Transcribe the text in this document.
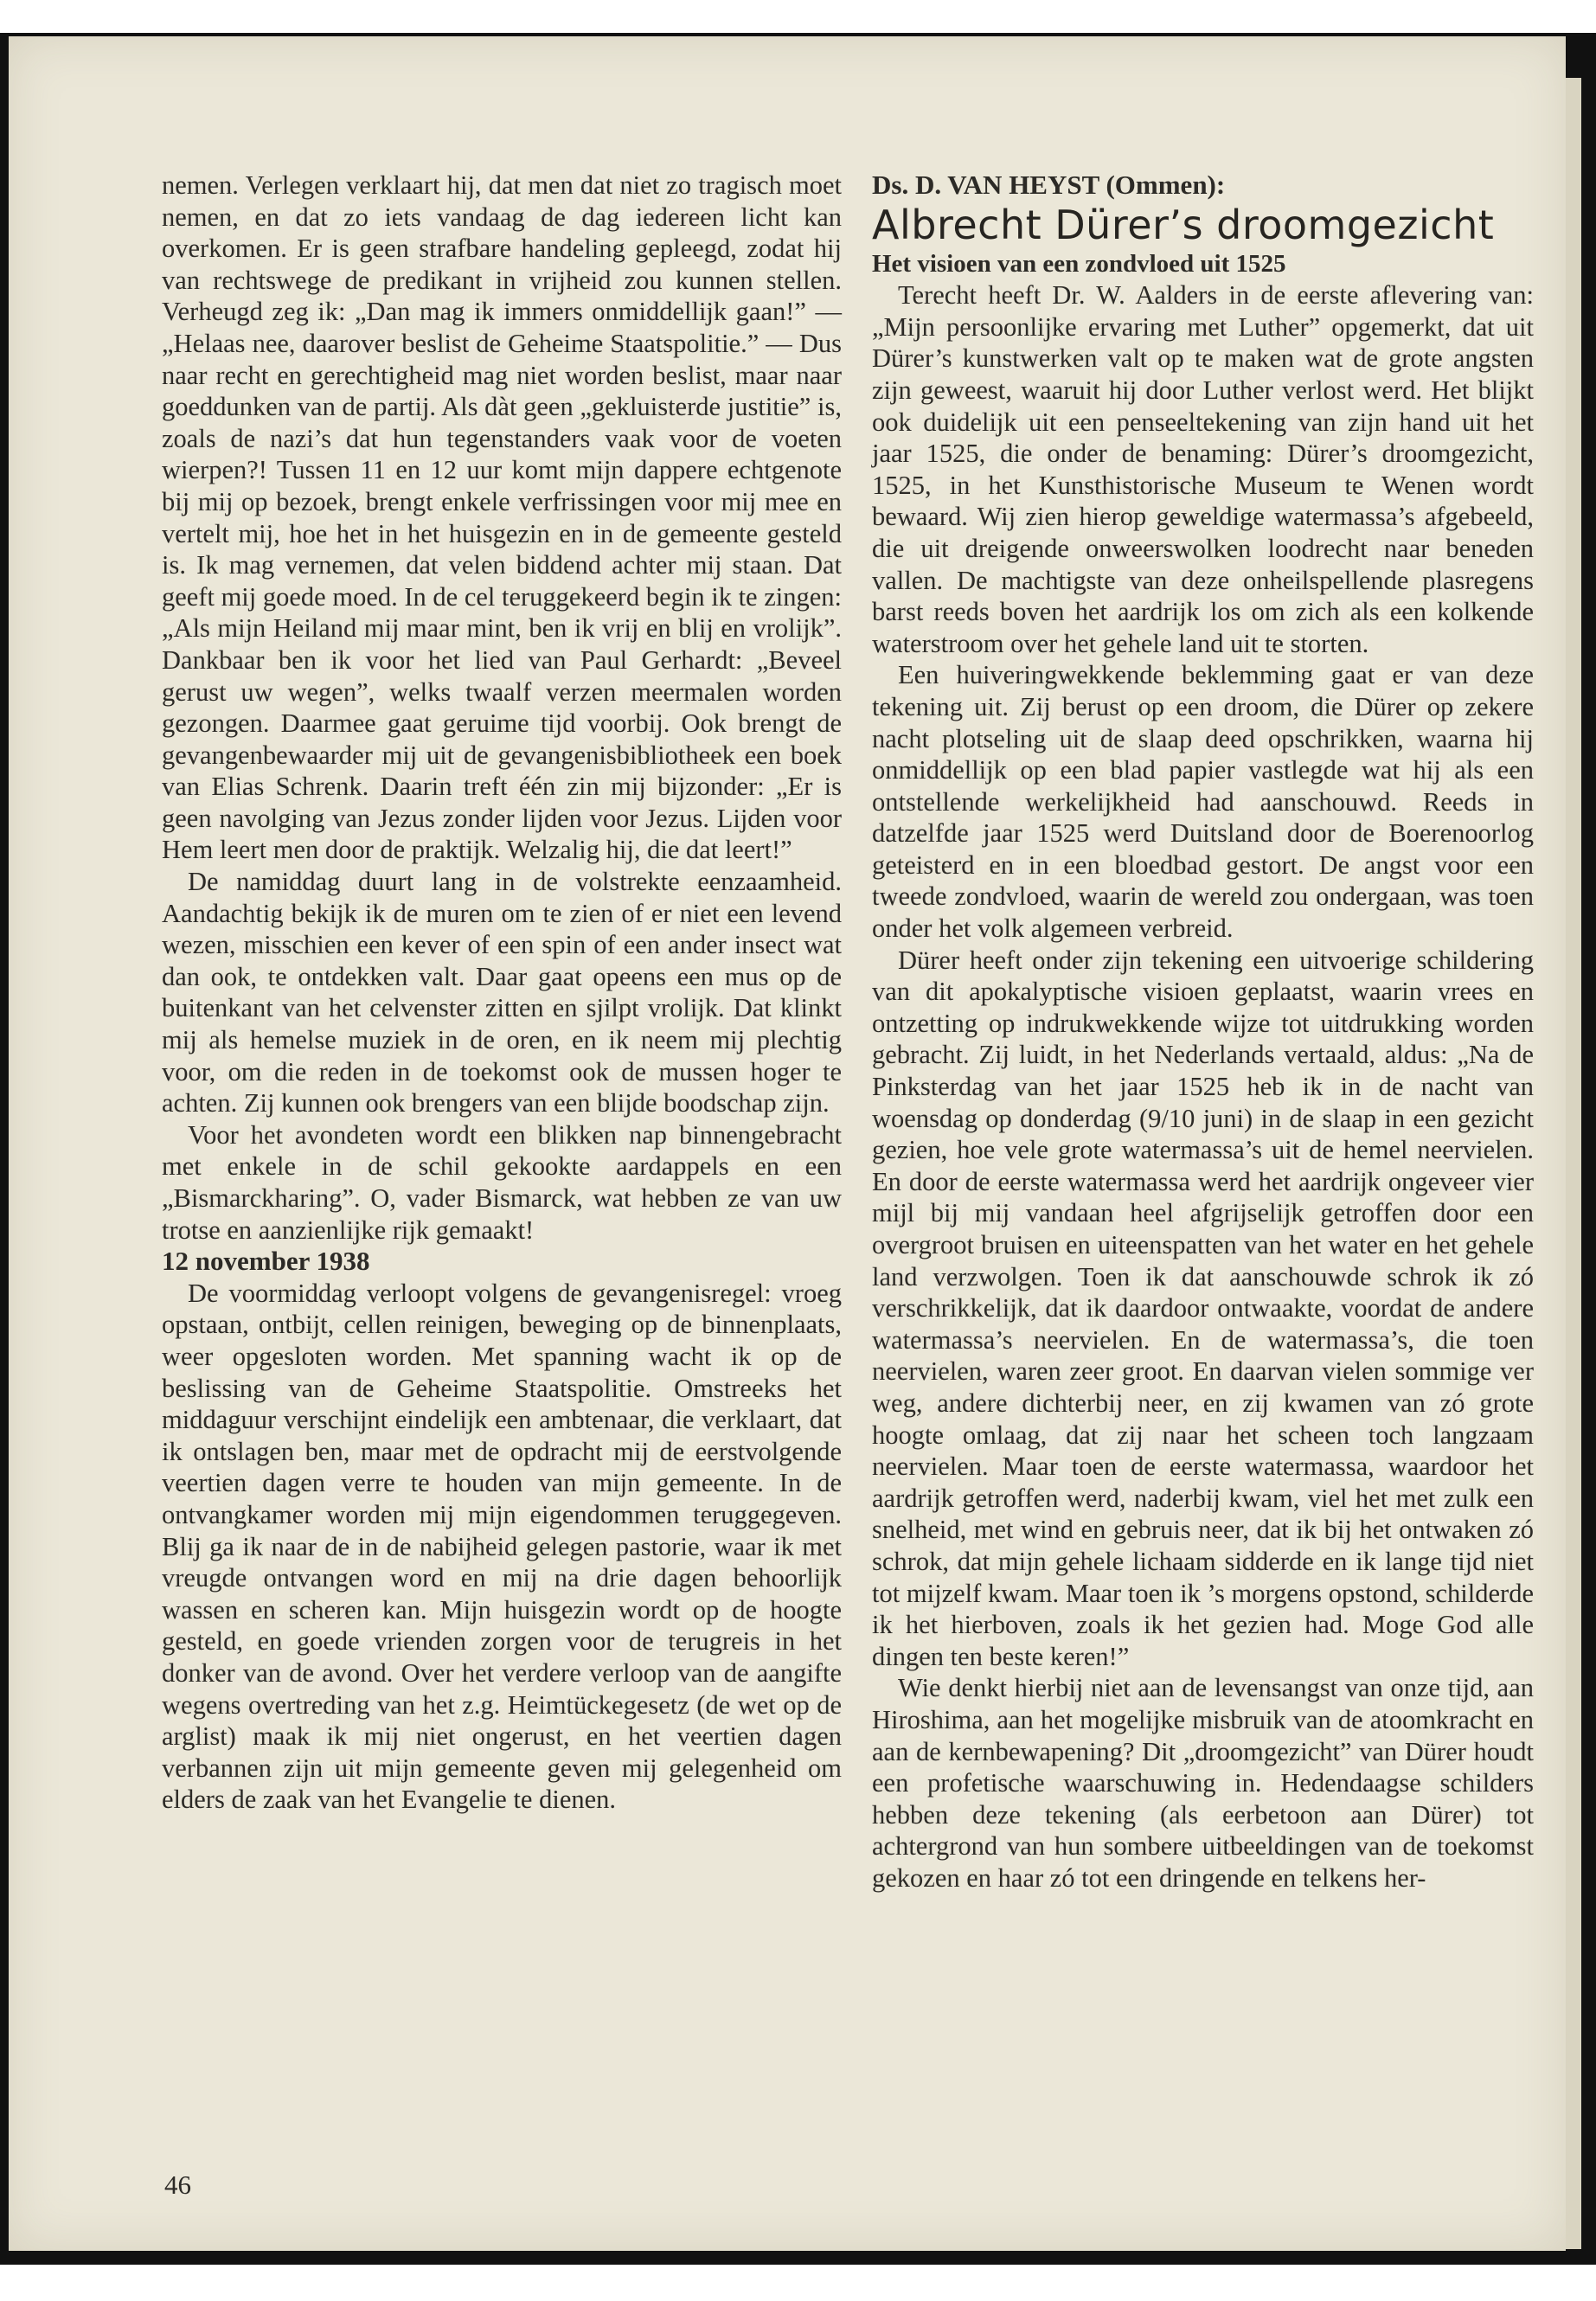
nemen. Verlegen verklaart hij, dat men dat niet zo tragisch moet nemen, en dat zo iets vandaag de dag iedereen licht kan overkomen. Er is geen strafbare handeling gepleegd, zodat hij van rechtswege de predikant in vrijheid zou kunnen stellen. Verheugd zeg ik: „Dan mag ik immers onmiddellijk gaan!” — „Helaas nee, daarover beslist de Geheime Staatspolitie.” — Dus naar recht en gerechtigheid mag niet worden beslist, maar naar goeddunken van de partij. Als dàt geen „gekluisterde justitie” is, zoals de nazi’s dat hun tegenstanders vaak voor de voeten wierpen?! Tussen 11 en 12 uur komt mijn dappere echtgenote bij mij op bezoek, brengt enkele verfrissingen voor mij mee en vertelt mij, hoe het in het huisgezin en in de gemeente gesteld is. Ik mag vernemen, dat velen biddend achter mij staan. Dat geeft mij goede moed. In de cel teruggekeerd begin ik te zingen: „Als mijn Heiland mij maar mint, ben ik vrij en blij en vrolijk”. Dankbaar ben ik voor het lied van Paul Gerhardt: „Beveel gerust uw wegen”, welks twaalf verzen meermalen worden gezongen. Daarmee gaat geruime tijd voorbij. Ook brengt de gevangenbewaarder mij uit de gevangenisbibliotheek een boek van Elias Schrenk. Daarin treft één zin mij bijzonder: „Er is geen navolging van Jezus zonder lijden voor Jezus. Lijden voor Hem leert men door de praktijk. Welzalig hij, die dat leert!”

De namiddag duurt lang in de volstrekte eenzaamheid. Aandachtig bekijk ik de muren om te zien of er niet een levend wezen, misschien een kever of een spin of een ander insect wat dan ook, te ontdekken valt. Daar gaat opeens een mus op de buitenkant van het celvenster zitten en sjilpt vrolijk. Dat klinkt mij als hemelse muziek in de oren, en ik neem mij plechtig voor, om die reden in de toekomst ook de mussen hoger te achten. Zij kunnen ook brengers van een blijde boodschap zijn.

Voor het avondeten wordt een blikken nap binnengebracht met enkele in de schil gekookte aardappels en een „Bismarckharing”. O, vader Bismarck, wat hebben ze van uw trotse en aanzienlijke rijk gemaakt!

12 november 1938

De voormiddag verloopt volgens de gevangenisregel: vroeg opstaan, ontbijt, cellen reinigen, beweging op de binnenplaats, weer opgesloten worden. Met spanning wacht ik op de beslissing van de Geheime Staatspolitie. Omstreeks het middaguur verschijnt eindelijk een ambtenaar, die verklaart, dat ik ontslagen ben, maar met de opdracht mij de eerstvolgende veertien dagen verre te houden van mijn gemeente. In de ontvangkamer worden mij mijn eigendommen teruggegeven. Blij ga ik naar de in de nabijheid gelegen pastorie, waar ik met vreugde ontvangen word en mij na drie dagen behoorlijk wassen en scheren kan. Mijn huisgezin wordt op de hoogte gesteld, en goede vrienden zorgen voor de terugreis in het donker van de avond. Over het verdere verloop van de aangifte wegens overtreding van het z.g. Heimtückegesetz (de wet op de arglist) maak ik mij niet ongerust, en het veertien dagen verbannen zijn uit mijn gemeente geven mij gelegenheid om elders de zaak van het Evangelie te dienen.

Ds. D. VAN HEYST (Ommen):

Albrecht Dürer’s droomgezicht

Het visioen van een zondvloed uit 1525

Terecht heeft Dr. W. Aalders in de eerste aflevering van: „Mijn persoonlijke ervaring met Luther” opgemerkt, dat uit Dürer’s kunstwerken valt op te maken wat de grote angsten zijn geweest, waaruit hij door Luther verlost werd. Het blijkt ook duidelijk uit een penseeltekening van zijn hand uit het jaar 1525, die onder de benaming: Dürer’s droomgezicht, 1525, in het Kunsthistorische Museum te Wenen wordt bewaard. Wij zien hierop geweldige watermassa’s afgebeeld, die uit dreigende onweerswolken loodrecht naar beneden vallen. De machtigste van deze onheilspellende plasregens barst reeds boven het aardrijk los om zich als een kolkende waterstroom over het gehele land uit te storten.

Een huiveringwekkende beklemming gaat er van deze tekening uit. Zij berust op een droom, die Dürer op zekere nacht plotseling uit de slaap deed opschrikken, waarna hij onmiddellijk op een blad papier vastlegde wat hij als een ontstellende werkelijkheid had aanschouwd. Reeds in datzelfde jaar 1525 werd Duitsland door de Boerenoorlog geteisterd en in een bloedbad gestort. De angst voor een tweede zondvloed, waarin de wereld zou ondergaan, was toen onder het volk algemeen verbreid.

Dürer heeft onder zijn tekening een uitvoerige schildering van dit apokalyptische visioen geplaatst, waarin vrees en ontzetting op indrukwekkende wijze tot uitdrukking worden gebracht. Zij luidt, in het Nederlands vertaald, aldus: „Na de Pinksterdag van het jaar 1525 heb ik in de nacht van woensdag op donderdag (9/10 juni) in de slaap in een gezicht gezien, hoe vele grote watermassa’s uit de hemel neervielen. En door de eerste watermassa werd het aardrijk ongeveer vier mijl bij mij vandaan heel afgrijselijk getroffen door een overgroot bruisen en uiteenspatten van het water en het gehele land verzwolgen. Toen ik dat aanschouwde schrok ik zó verschrikkelijk, dat ik daardoor ontwaakte, voordat de andere watermassa’s neervielen. En de watermassa’s, die toen neervielen, waren zeer groot. En daarvan vielen sommige ver weg, andere dichterbij neer, en zij kwamen van zó grote hoogte omlaag, dat zij naar het scheen toch langzaam neervielen. Maar toen de eerste watermassa, waardoor het aardrijk getroffen werd, naderbij kwam, viel het met zulk een snelheid, met wind en gebruis neer, dat ik bij het ontwaken zó schrok, dat mijn gehele lichaam sidderde en ik lange tijd niet tot mijzelf kwam. Maar toen ik ’s morgens opstond, schilderde ik het hierboven, zoals ik het gezien had. Moge God alle dingen ten beste keren!”

Wie denkt hierbij niet aan de levensangst van onze tijd, aan Hiroshima, aan het mogelijke misbruik van de atoomkracht en aan de kernbewapening? Dit „droomgezicht” van Dürer houdt een profetische waarschuwing in. Hedendaagse schilders hebben deze tekening (als eerbetoon aan Dürer) tot achtergrond van hun sombere uitbeeldingen van de toekomst gekozen en haar zó tot een dringende en telkens her-

46
